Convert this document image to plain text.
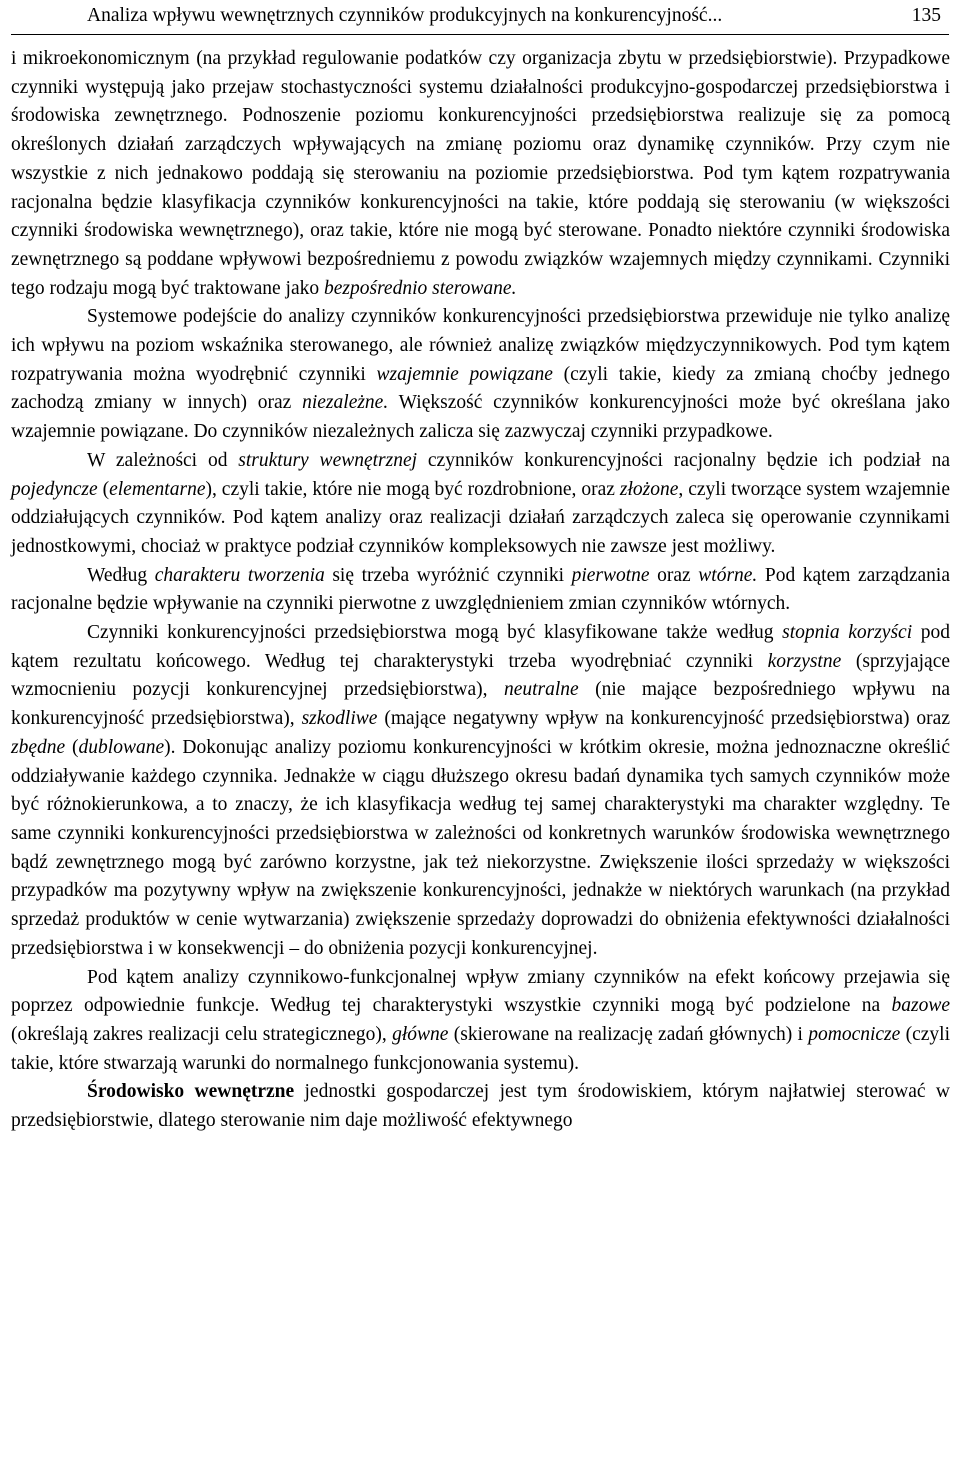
Analiza wpływu wewnętrznych czynników produkcyjnych na konkurencyjność...	135

i mikroekonomicznym (na przykład regulowanie podatków czy organizacja zbytu w przedsiębiorstwie). Przypadkowe czynniki występują jako przejaw stochastyczności systemu działalności produkcyjno-gospodarczej przedsiębiorstwa i środowiska zewnętrznego. Podnoszenie poziomu konkurencyjności przedsiębiorstwa realizuje się za pomocą określonych działań zarządczych wpływających na zmianę poziomu oraz dynamikę czynników. Przy czym nie wszystkie z nich jednakowo poddają się sterowaniu na poziomie przedsiębiorstwa. Pod tym kątem rozpatrywania racjonalna będzie klasyfikacja czynników konkurencyjności na takie, które poddają się sterowaniu (w większości czynniki środowiska wewnętrznego), oraz takie, które nie mogą być sterowane. Ponadto niektóre czynniki środowiska zewnętrznego są poddane wpływowi bezpośredniemu z powodu związków wzajemnych między czynnikami. Czynniki tego rodzaju mogą być traktowane jako bezpośrednio sterowane.

Systemowe podejście do analizy czynników konkurencyjności przedsiębiorstwa przewiduje nie tylko analizę ich wpływu na poziom wskaźnika sterowanego, ale również analizę związków międzyczynnikowych. Pod tym kątem rozpatrywania można wyodrębnić czynniki wzajemnie powiązane (czyli takie, kiedy za zmianą choćby jednego zachodzą zmiany w innych) oraz niezależne. Większość czynników konkurencyjności może być określana jako wzajemnie powiązane. Do czynników niezależnych zalicza się zazwyczaj czynniki przypadkowe.

W zależności od struktury wewnętrznej czynników konkurencyjności racjonalny będzie ich podział na pojedyncze (elementarne), czyli takie, które nie mogą być rozdrobnione, oraz złożone, czyli tworzące system wzajemnie oddziałujących czynników. Pod kątem analizy oraz realizacji działań zarządczych zaleca się operowanie czynnikami jednostkowymi, chociaż w praktyce podział czynników kompleksowych nie zawsze jest możliwy.

Według charakteru tworzenia się trzeba wyróżnić czynniki pierwotne oraz wtórne. Pod kątem zarządzania racjonalne będzie wpływanie na czynniki pierwotne z uwzględnieniem zmian czynników wtórnych.

Czynniki konkurencyjności przedsiębiorstwa mogą być klasyfikowane także według stopnia korzyści pod kątem rezultatu końcowego. Według tej charakterystyki trzeba wyodrębniać czynniki korzystne (sprzyjające wzmocnieniu pozycji konkurencyjnej przedsiębiorstwa), neutralne (nie mające bezpośredniego wpływu na konkurencyjność przedsiębiorstwa), szkodliwe (mające negatywny wpływ na konkurencyjność przedsiębiorstwa) oraz zbędne (dublowane). Dokonując analizy poziomu konkurencyjności w krótkim okresie, można jednoznaczne określić oddziaływanie każdego czynnika. Jednakże w ciągu dłuższego okresu badań dynamika tych samych czynników może być różnokierunkowa, a to znaczy, że ich klasyfikacja według tej samej charakterystyki ma charakter względny. Te same czynniki konkurencyjności przedsiębiorstwa w zależności od konkretnych warunków środowiska wewnętrznego bądź zewnętrznego mogą być zarówno korzystne, jak też niekorzystne. Zwiększenie ilości sprzedaży w większości przypadków ma pozytywny wpływ na zwiększenie konkurencyjności, jednakże w niektórych warunkach (na przykład sprzedaż produktów w cenie wytwarzania) zwiększenie sprzedaży doprowadzi do obniżenia efektywności działalności przedsiębiorstwa i w konsekwencji – do obniżenia pozycji konkurencyjnej.

Pod kątem analizy czynnikowo-funkcjonalnej wpływ zmiany czynników na efekt końcowy przejawia się poprzez odpowiednie funkcje. Według tej charakterystyki wszystkie czynniki mogą być podzielone na bazowe (określają zakres realizacji celu strategicznego), główne (skierowane na realizację zadań głównych) i pomocnicze (czyli takie, które stwarzają warunki do normalnego funkcjonowania systemu).

Środowisko wewnętrzne jednostki gospodarczej jest tym środowiskiem, którym najłatwiej sterować w przedsiębiorstwie, dlatego sterowanie nim daje możliwość efektywnego
